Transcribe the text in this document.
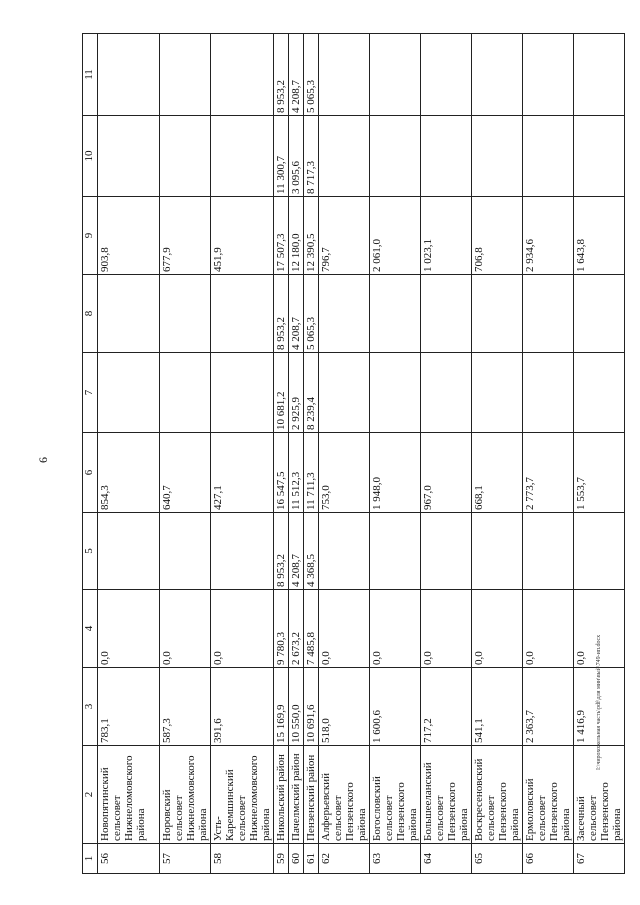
6
1	2	3	4	5	6	7	8	9	10	11
56	Новопятинский сельсовет Нижнеломовского района	783,1	0,0		854,3			903,8		
57	Норовский сельсовет Нижнеломовского района	587,3	0,0		640,7			677,9		
58	Усть-Каремшинский сельсовет Нижнеломовского района	391,6	0,0		427,1			451,9		
59	Никольский район	15 169,9	9 780,3	8 953,2	16 547,5	10 681,2	8 953,2	17 507,3	11 300,7	8 953,2
60	Пачелмский район	10 550,0	2 673,2	4 208,7	11 512,3	2 925,9	4 208,7	12 180,0	3 095,6	4 208,7
61	Пензенский район	10 691,6	7 485,8	4 368,5	11 711,3	8 239,4	5 065,3	12 390,5	8 717,3	5 065,3
62	Алферьевский сельсовет Пензенского района	518,0	0,0		753,0			796,7		
63	Богословский сельсовет Пензенского района	1 600,6	0,0		1 948,0			2 061,0		
64	Большееланский сельсовет Пензенского района	717,2	0,0		967,0			1 023,1		
65	Воскресеновский сельсовет Пензенского района	541,1	0,0		668,1			706,8		
66	Ермоловский сельсовет Пензенского района	2 363,7	0,0		2 773,7			2 934,6		
67	Засечный сельсовет Пензенского района	1 416,9	0,0		1 553,7			1 643,8		
I:\чирохожельная часть\pdf\для мин\вый\749-ип.docx
